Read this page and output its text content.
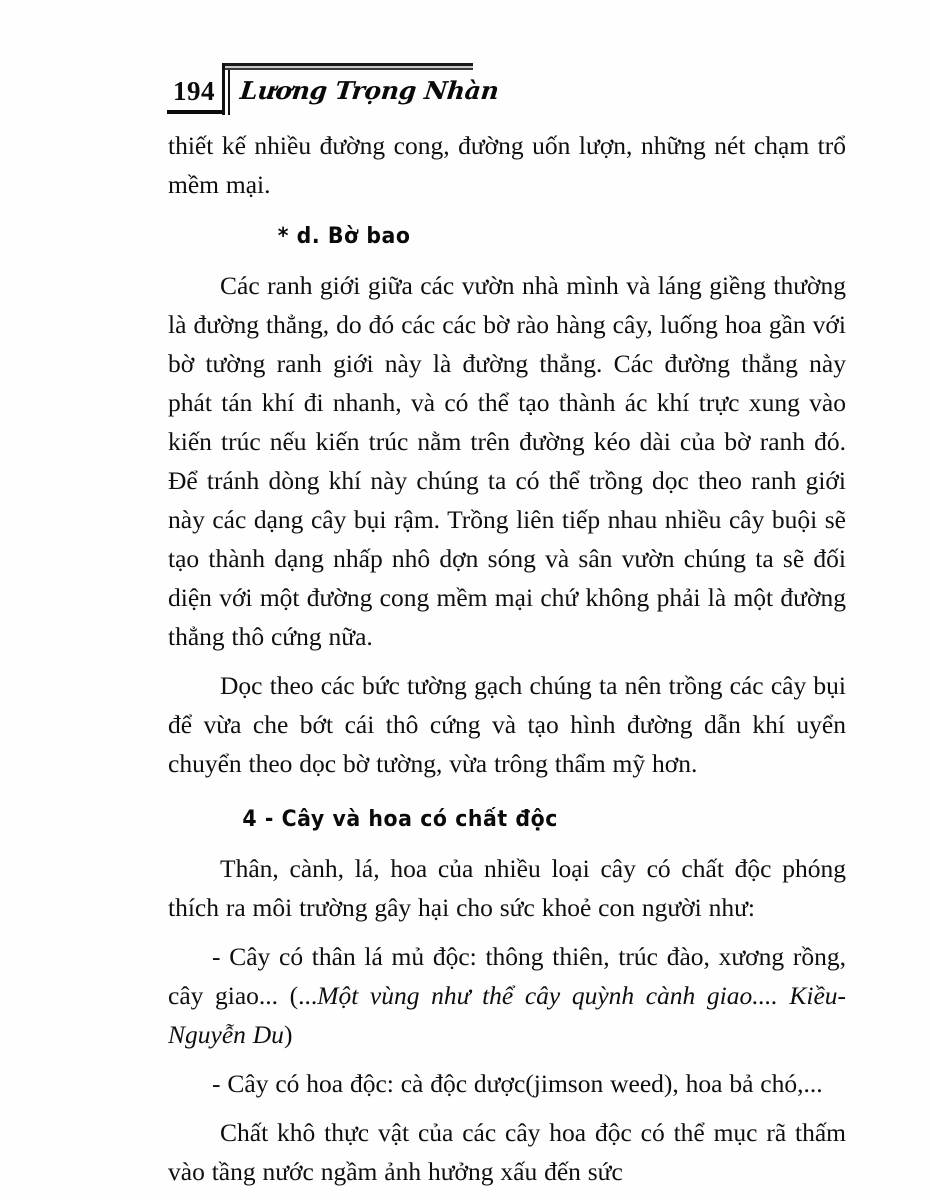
194 Lương Trọng Nhàn

thiết kế nhiều đường cong, đường uốn lượn, những nét chạm trổ mềm mại.

* d. Bờ bao

Các ranh giới giữa các vườn nhà mình và láng giềng thường là đường thẳng, do đó các các bờ rào hàng cây, luống hoa gần với bờ tường ranh giới này là đường thẳng. Các đường thẳng này phát tán khí đi nhanh, và có thể tạo thành ác khí trực xung vào kiến trúc nếu kiến trúc nằm trên đường kéo dài của bờ ranh đó. Để tránh dòng khí này chúng ta có thể trồng dọc theo ranh giới này các dạng cây bụi rậm. Trồng liên tiếp nhau nhiều cây buội sẽ tạo thành dạng nhấp nhô dợn sóng và sân vườn chúng ta sẽ đối diện với một đường cong mềm mại chứ không phải là một đường thẳng thô cứng nữa.

Dọc theo các bức tường gạch chúng ta nên trồng các cây bụi để vừa che bớt cái thô cứng và tạo hình đường dẫn khí uyển chuyển theo dọc bờ tường, vừa trông thẩm mỹ hơn.

4 - Cây và hoa có chất độc

Thân, cành, lá, hoa của nhiều loại cây có chất độc phóng thích ra môi trường gây hại cho sức khoẻ con người như:

- Cây có thân lá mủ độc: thông thiên, trúc đào, xương rồng, cây giao... (...Một vùng như thể cây quỳnh cành giao.... Kiều-Nguyễn Du)

- Cây có hoa độc: cà độc dược(jimson weed), hoa bả chó,...

Chất khô thực vật của các cây hoa độc có thể mục rã thấm vào tầng nước ngầm ảnh hưởng xấu đến sức
